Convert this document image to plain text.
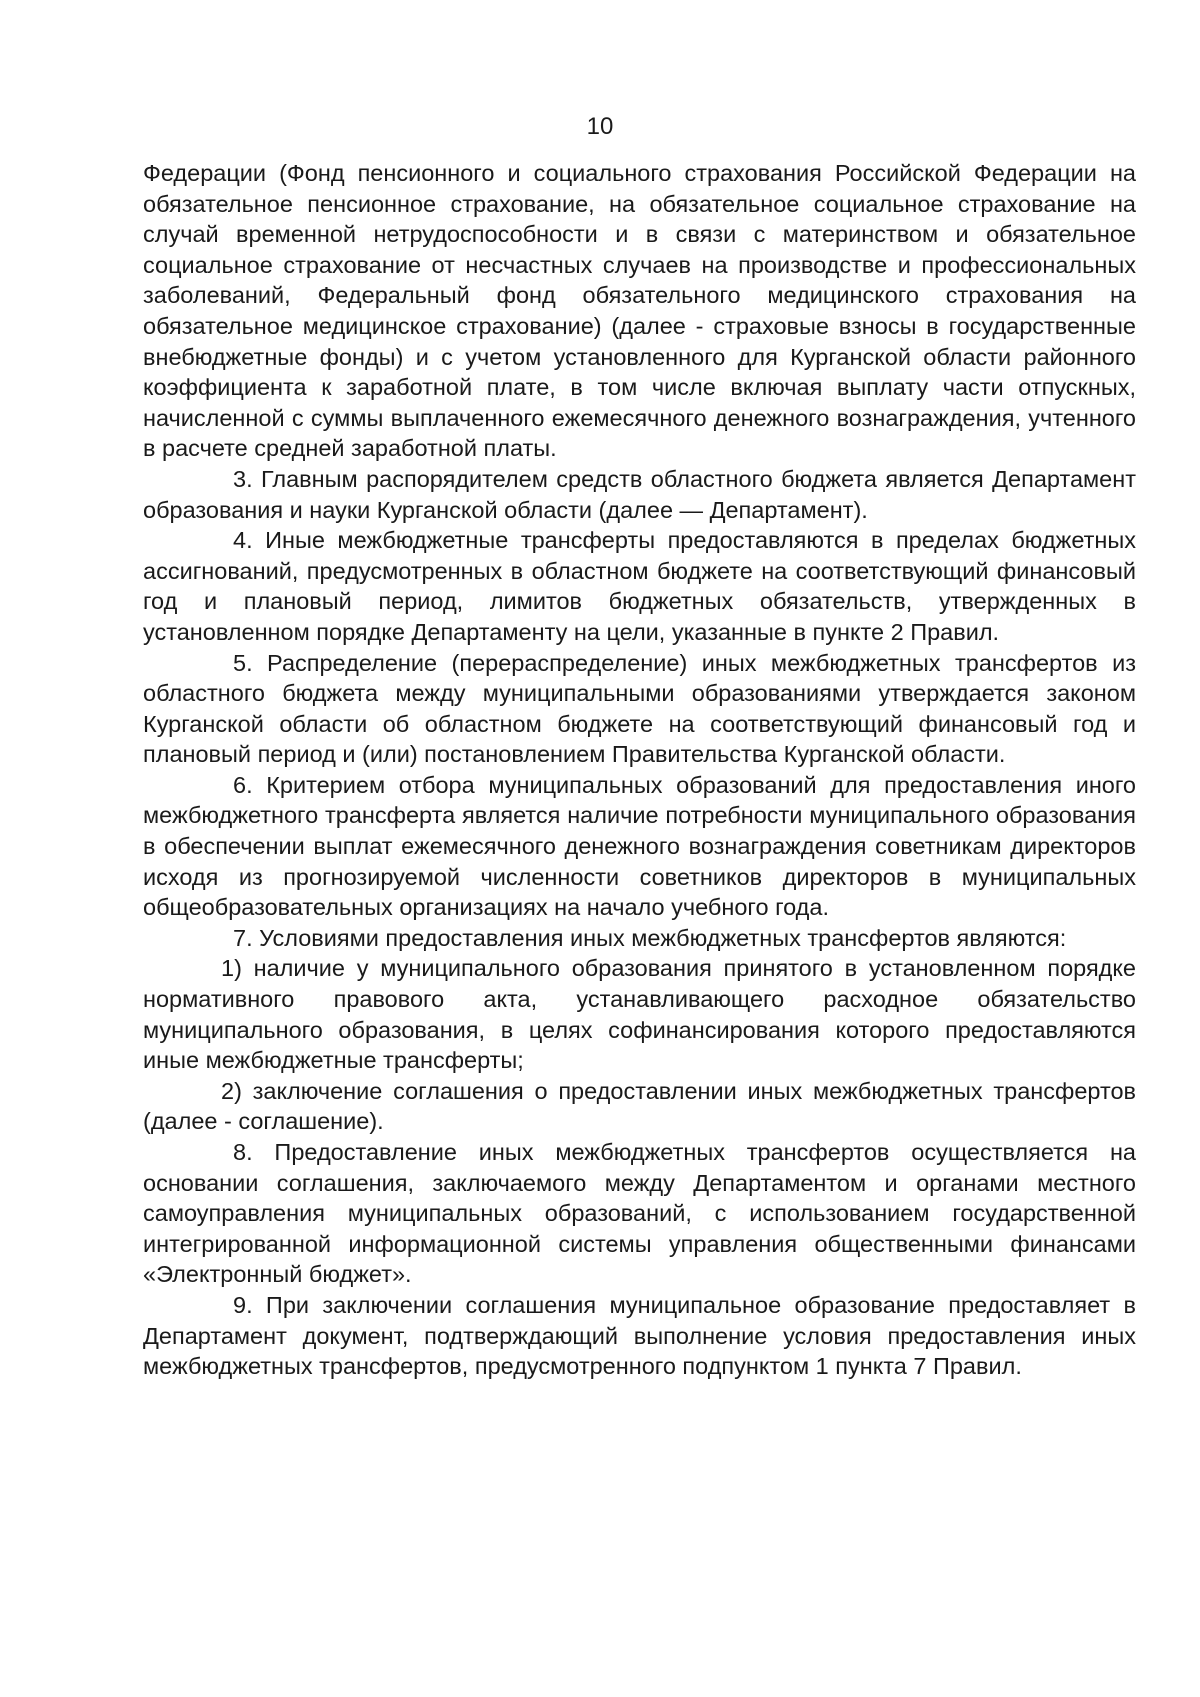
10

Федерации (Фонд пенсионного и социального страхования Российской Федерации на обязательное пенсионное страхование, на обязательное социальное страхование на случай временной нетрудоспособности и в связи с материнством и обязательное социальное страхование от несчастных случаев на производстве и профессиональных заболеваний, Федеральный фонд обязательного медицинского страхования на обязательное медицинское страхование) (далее - страховые взносы в государственные внебюджетные фонды) и с учетом установленного для Курганской области районного коэффициента к заработной плате, в том числе включая выплату части отпускных, начисленной с суммы выплаченного ежемесячного денежного вознаграждения, учтенного в расчете средней заработной платы.

3. Главным распорядителем средств областного бюджета является Департамент образования и науки Курганской области (далее — Департамент).

4. Иные межбюджетные трансферты предоставляются в пределах бюджетных ассигнований, предусмотренных в областном бюджете на соответствующий финансовый год и плановый период, лимитов бюджетных обязательств, утвержденных в установленном порядке Департаменту на цели, указанные в пункте 2 Правил.

5. Распределение (перераспределение) иных межбюджетных трансфертов из областного бюджета между муниципальными образованиями утверждается законом Курганской области об областном бюджете на соответствующий финансовый год и плановый период и (или) постановлением Правительства Курганской области.

6. Критерием отбора муниципальных образований для предоставления иного межбюджетного трансферта является наличие потребности муниципального образования в обеспечении выплат ежемесячного денежного вознаграждения советникам директоров исходя из прогнозируемой численности советников директоров в муниципальных общеобразовательных организациях на начало учебного года.

7. Условиями предоставления иных межбюджетных трансфертов являются:

1) наличие у муниципального образования принятого в установленном порядке нормативного правового акта, устанавливающего расходное обязательство муниципального образования, в целях софинансирования которого предоставляются иные межбюджетные трансферты;

2) заключение соглашения о предоставлении иных межбюджетных трансфертов (далее - соглашение).

8. Предоставление иных межбюджетных трансфертов осуществляется на основании соглашения, заключаемого между Департаментом и органами местного самоуправления муниципальных образований, с использованием государственной интегрированной информационной системы управления общественными финансами «Электронный бюджет».

9. При заключении соглашения муниципальное образование предоставляет в Департамент документ, подтверждающий выполнение условия предоставления иных межбюджетных трансфертов, предусмотренного подпунктом 1 пункта 7 Правил.
